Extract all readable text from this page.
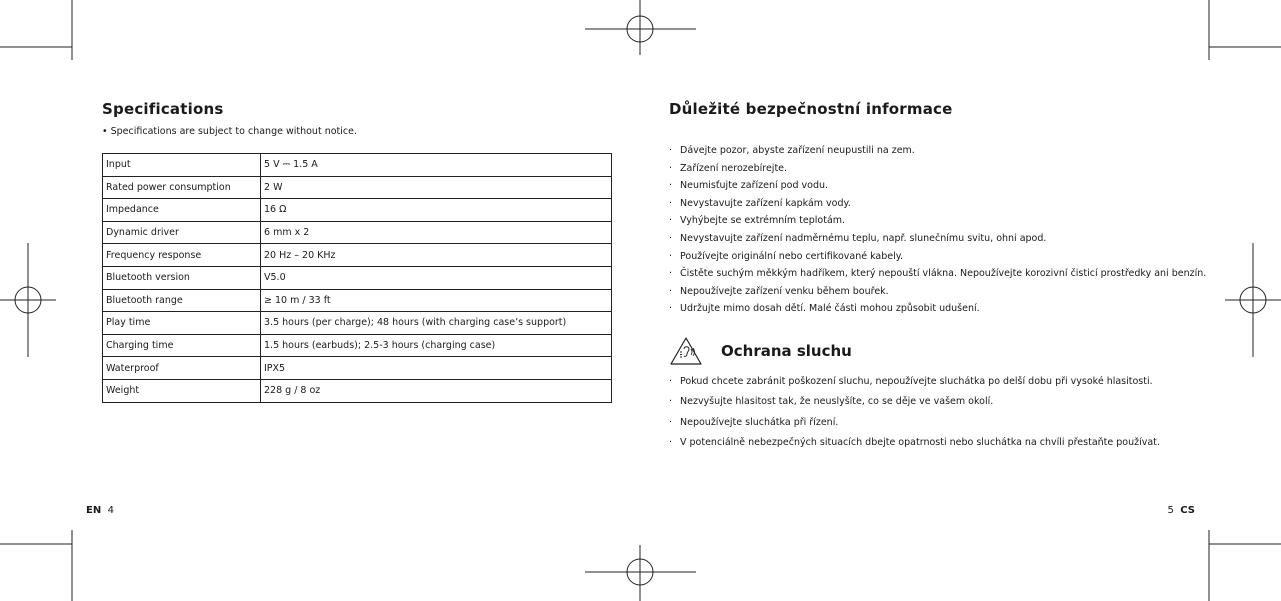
Specifications
• Specifications are subject to change without notice.
Input	5 V ⎓ 1.5 A
Rated power consumption	2 W
Impedance	16 Ω
Dynamic driver	6 mm x 2
Frequency response	20 Hz – 20 KHz
Bluetooth version	V5.0
Bluetooth range	≥ 10 m / 33 ft
Play time	3.5 hours (per charge); 48 hours (with charging case’s support)
Charging time	1.5 hours (earbuds); 2.5-3 hours (charging case)
Waterproof	IPX5
Weight	228 g / 8 oz
Důležité bezpečnostní informace
· Dávejte pozor, abyste zařízení neupustili na zem.
· Zařízení nerozebírejte.
· Neumisťujte zařízení pod vodu.
· Nevystavujte zařízení kapkám vody.
· Vyhýbejte se extrémním teplotám.
· Nevystavujte zařízení nadměrnému teplu, např. slunečnímu svitu, ohni apod.
· Používejte originální nebo certifikované kabely.
· Čistěte suchým měkkým hadříkem, který nepouští vlákna. Nepoužívejte korozivní čisticí prostředky ani benzín.
· Nepoužívejte zařízení venku během bouřek.
· Udržujte mimo dosah dětí. Malé části mohou způsobit udušení.
Ochrana sluchu
· Pokud chcete zabránit poškození sluchu, nepoužívejte sluchátka po delší dobu při vysoké hlasitosti.
· Nezvyšujte hlasitost tak, že neuslyšíte, co se děje ve vašem okolí.
· Nepoužívejte sluchátka při řízení.
· V potenciálně nebezpečných situacích dbejte opatrnosti nebo sluchátka na chvíli přestaňte používat.
EN 4	5 CS
